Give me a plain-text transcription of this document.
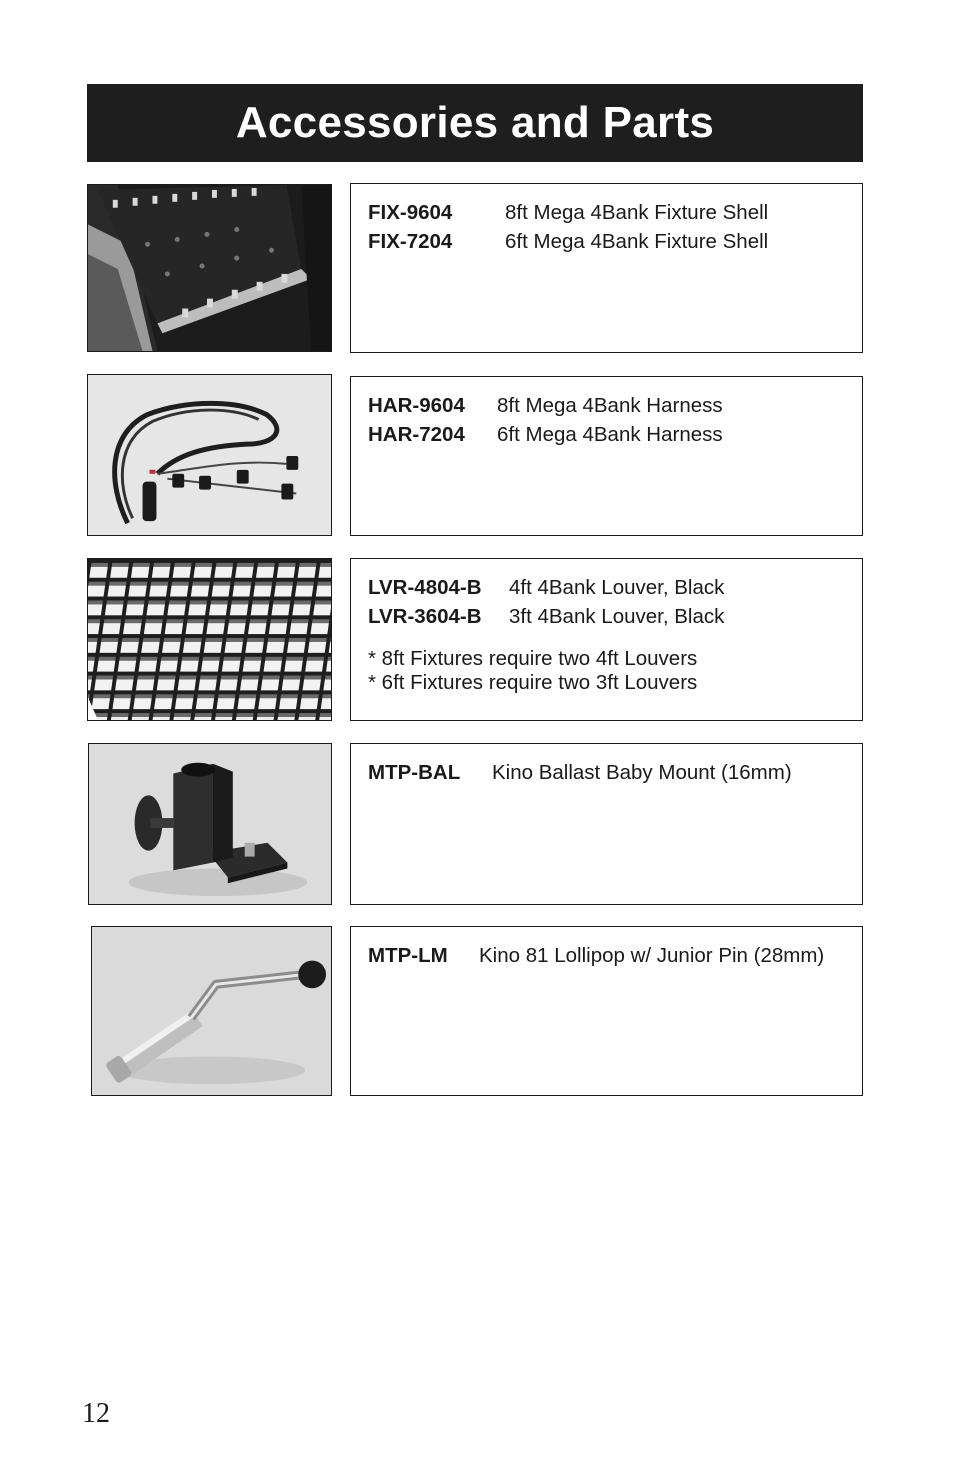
Accessories and Parts
FIX-9604	8ft Mega 4Bank Fixture Shell
FIX-7204	6ft Mega 4Bank Fixture Shell
HAR-9604	8ft Mega 4Bank Harness
HAR-7204	6ft Mega 4Bank Harness
LVR-4804-B	4ft 4Bank Louver, Black
LVR-3604-B	3ft 4Bank Louver, Black
* 8ft Fixtures require two 4ft Louvers
* 6ft Fixtures require two 3ft Louvers
MTP-BAL	Kino Ballast Baby Mount (16mm)
MTP-LM	Kino 81 Lollipop w/ Junior Pin (28mm)
12
